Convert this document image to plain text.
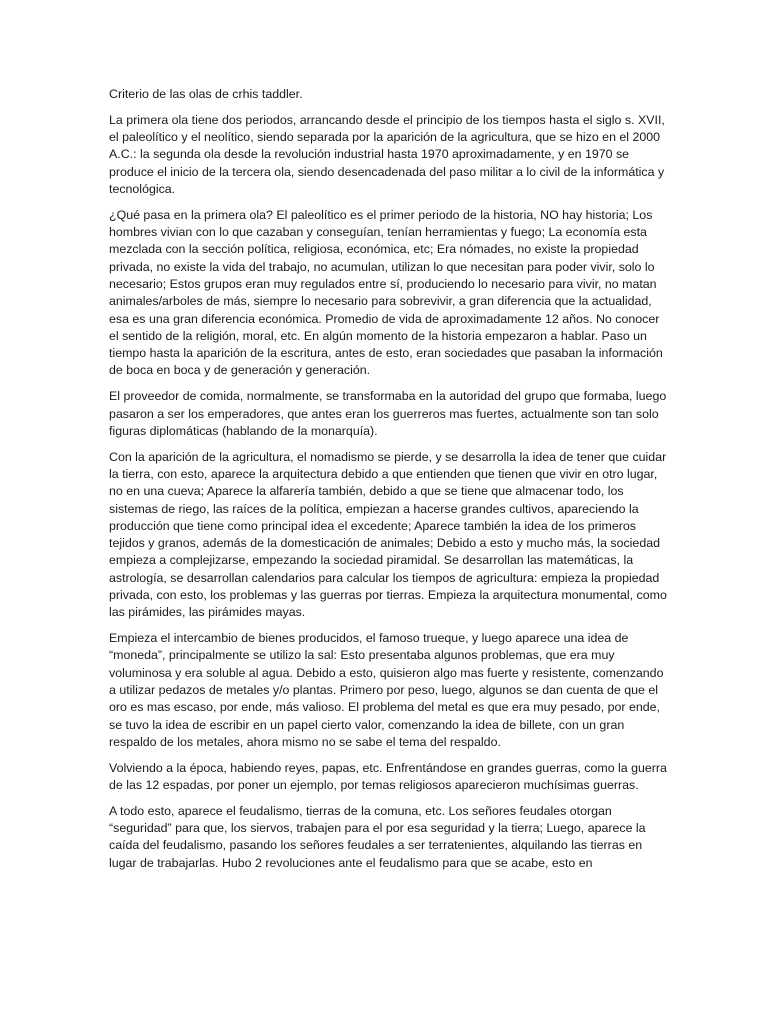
Criterio de las olas de crhis taddler.

La primera ola tiene dos periodos, arrancando desde el principio de los tiempos hasta el siglo s. XVII, el paleolítico y el neolítico, siendo separada por la aparición de la agricultura, que se hizo en el 2000 A.C.: la segunda ola desde la revolución industrial hasta 1970 aproximadamente, y en 1970 se produce el inicio de la tercera ola, siendo desencadenada del paso militar a lo civil de la informática y tecnológica.

¿Qué pasa en la primera ola? El paleolítico es el primer periodo de la historia, NO hay historia; Los hombres vivian con lo que cazaban y conseguían, tenían herramientas y fuego; La economía esta mezclada con la sección política, religiosa, económica, etc; Era nómades, no existe la propiedad privada, no existe la vida del trabajo, no acumulan, utilizan lo que necesitan para poder vivir, solo lo necesario; Estos grupos eran muy regulados entre sí, produciendo lo necesario para vivir, no matan animales/arboles de más, siempre lo necesario para sobrevivir, a gran diferencia que la actualidad, esa es una gran diferencia económica. Promedio de vida de aproximadamente 12 años. No conocer el sentido de la religión, moral, etc. En algún momento de la historia empezaron a hablar. Paso un tiempo hasta la aparición de la escritura, antes de esto, eran sociedades que pasaban la información de boca en boca y de generación y generación.

El proveedor de comida, normalmente, se transformaba en la autoridad del grupo que formaba, luego pasaron a ser los emperadores, que antes eran los guerreros mas fuertes, actualmente son tan solo figuras diplomáticas (hablando de la monarquía).

Con la aparición de la agricultura, el nomadismo se pierde, y se desarrolla la idea de tener que cuidar la tierra, con esto, aparece la arquitectura debido a que entienden que tienen que vivir en otro lugar, no en una cueva; Aparece la alfarería también, debido a que se tiene que almacenar todo, los sistemas de riego, las raíces de la política, empiezan a hacerse grandes cultivos, apareciendo la producción que tiene como principal idea el excedente; Aparece también la idea de los primeros tejidos y granos, además de la domesticación de animales; Debido a esto y mucho más, la sociedad empieza a complejizarse, empezando la sociedad piramidal. Se desarrollan las matemáticas, la astrología, se desarrollan calendarios para calcular los tiempos de agricultura: empieza la propiedad privada, con esto, los problemas y las guerras por tierras. Empieza la arquitectura monumental, como las pirámides, las pirámides mayas.

Empieza el intercambio de bienes producidos, el famoso trueque, y luego aparece una idea de “moneda”, principalmente se utilizo la sal: Esto presentaba algunos problemas, que era muy voluminosa y era soluble al agua. Debido a esto, quisieron algo mas fuerte y resistente, comenzando a utilizar pedazos de metales y/o plantas. Primero por peso, luego, algunos se dan cuenta de que el oro es mas escaso, por ende, más valioso. El problema del metal es que era muy pesado, por ende, se tuvo la idea de escribir en un papel cierto valor, comenzando la idea de billete, con un gran respaldo de los metales, ahora mismo no se sabe el tema del respaldo.

Volviendo a la época, habiendo reyes, papas, etc. Enfrentándose en grandes guerras, como la guerra de las 12 espadas, por poner un ejemplo, por temas religiosos aparecieron muchísimas guerras.

A todo esto, aparece el feudalismo, tierras de la comuna, etc. Los señores feudales otorgan “seguridad” para que, los siervos, trabajen para el por esa seguridad y la tierra; Luego, aparece la caída del feudalismo, pasando los señores feudales a ser terratenientes, alquilando las tierras en lugar de trabajarlas. Hubo 2 revoluciones ante el feudalismo para que se acabe, esto en
